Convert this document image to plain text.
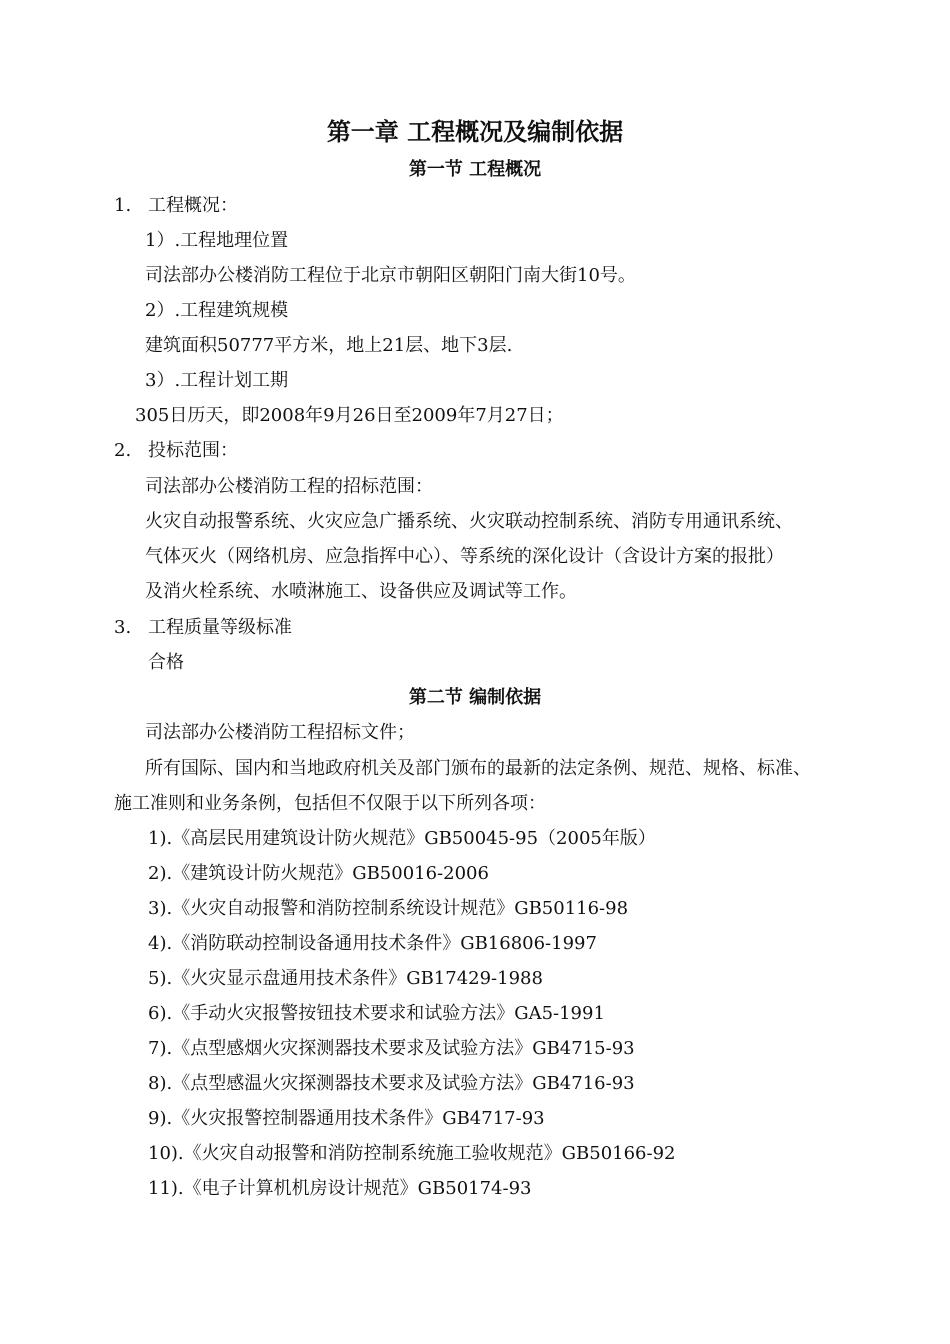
第一章 工程概况及编制依据
第一节 工程概况
1. 工程概况：
1）.工程地理位置
司法部办公楼消防工程位于北京市朝阳区朝阳门南大街10号。
2）.工程建筑规模
建筑面积50777平方米，地上21层、地下3层.
3）.工程计划工期
305日历天，即2008年9月26日至2009年7月27日；
2. 投标范围：
司法部办公楼消防工程的招标范围：
火灾自动报警系统、火灾应急广播系统、火灾联动控制系统、消防专用通讯系统、
气体灭火（网络机房、应急指挥中心）、等系统的深化设计（含设计方案的报批）
及消火栓系统、水喷淋施工、设备供应及调试等工作。
3. 工程质量等级标准
合格
第二节 编制依据
司法部办公楼消防工程招标文件；
所有国际、国内和当地政府机关及部门颁布的最新的法定条例、规范、规格、标准、
施工准则和业务条例，包括但不仅限于以下所列各项：
1).《高层民用建筑设计防火规范》GB50045-95（2005年版）
2).《建筑设计防火规范》GB50016-2006
3).《火灾自动报警和消防控制系统设计规范》GB50116-98
4).《消防联动控制设备通用技术条件》GB16806-1997
5).《火灾显示盘通用技术条件》GB17429-1988
6).《手动火灾报警按钮技术要求和试验方法》GA5-1991
7).《点型感烟火灾探测器技术要求及试验方法》GB4715-93
8).《点型感温火灾探测器技术要求及试验方法》GB4716-93
9).《火灾报警控制器通用技术条件》GB4717-93
10).《火灾自动报警和消防控制系统施工验收规范》GB50166-92
11).《电子计算机机房设计规范》GB50174-93
